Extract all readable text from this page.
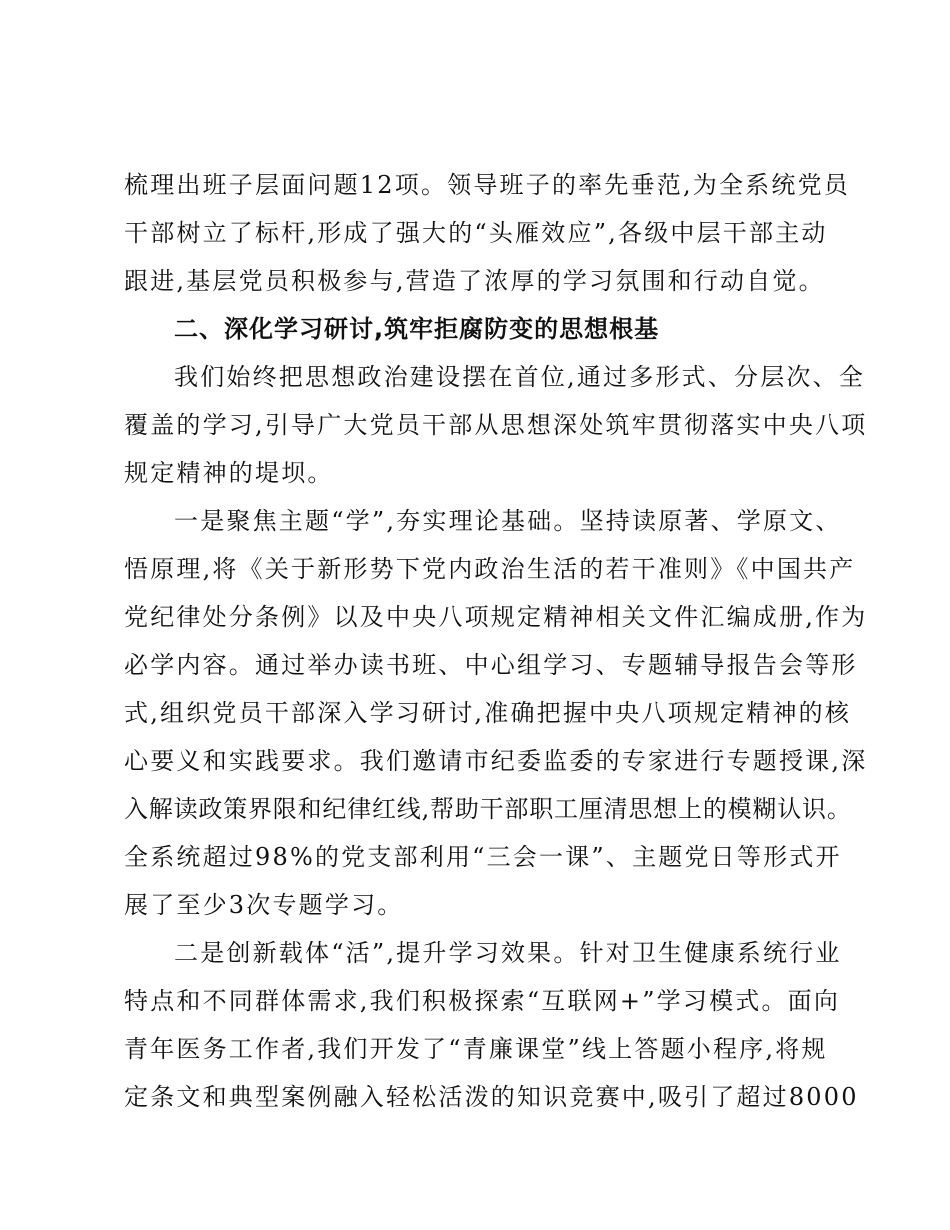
梳理出班子层面问题12项。领导班子的率先垂范,为全系统党员
干部树立了标杆,形成了强大的“头雁效应”,各级中层干部主动
跟进,基层党员积极参与,营造了浓厚的学习氛围和行动自觉。
二、深化学习研讨,筑牢拒腐防变的思想根基
我们始终把思想政治建设摆在首位,通过多形式、分层次、全
覆盖的学习,引导广大党员干部从思想深处筑牢贯彻落实中央八项
规定精神的堤坝。
一是聚焦主题“学”,夯实理论基础。坚持读原著、学原文、
悟原理,将《关于新形势下党内政治生活的若干准则》《中国共产
党纪律处分条例》以及中央八项规定精神相关文件汇编成册,作为
必学内容。通过举办读书班、中心组学习、专题辅导报告会等形
式,组织党员干部深入学习研讨,准确把握中央八项规定精神的核
心要义和实践要求。我们邀请市纪委监委的专家进行专题授课,深
入解读政策界限和纪律红线,帮助干部职工厘清思想上的模糊认识。
全系统超过98%的党支部利用“三会一课”、主题党日等形式开
展了至少3次专题学习。
二是创新载体“活”,提升学习效果。针对卫生健康系统行业
特点和不同群体需求,我们积极探索“互联网+”学习模式。面向
青年医务工作者,我们开发了“青廉课堂”线上答题小程序,将规
定条文和典型案例融入轻松活泼的知识竞赛中,吸引了超过8000
